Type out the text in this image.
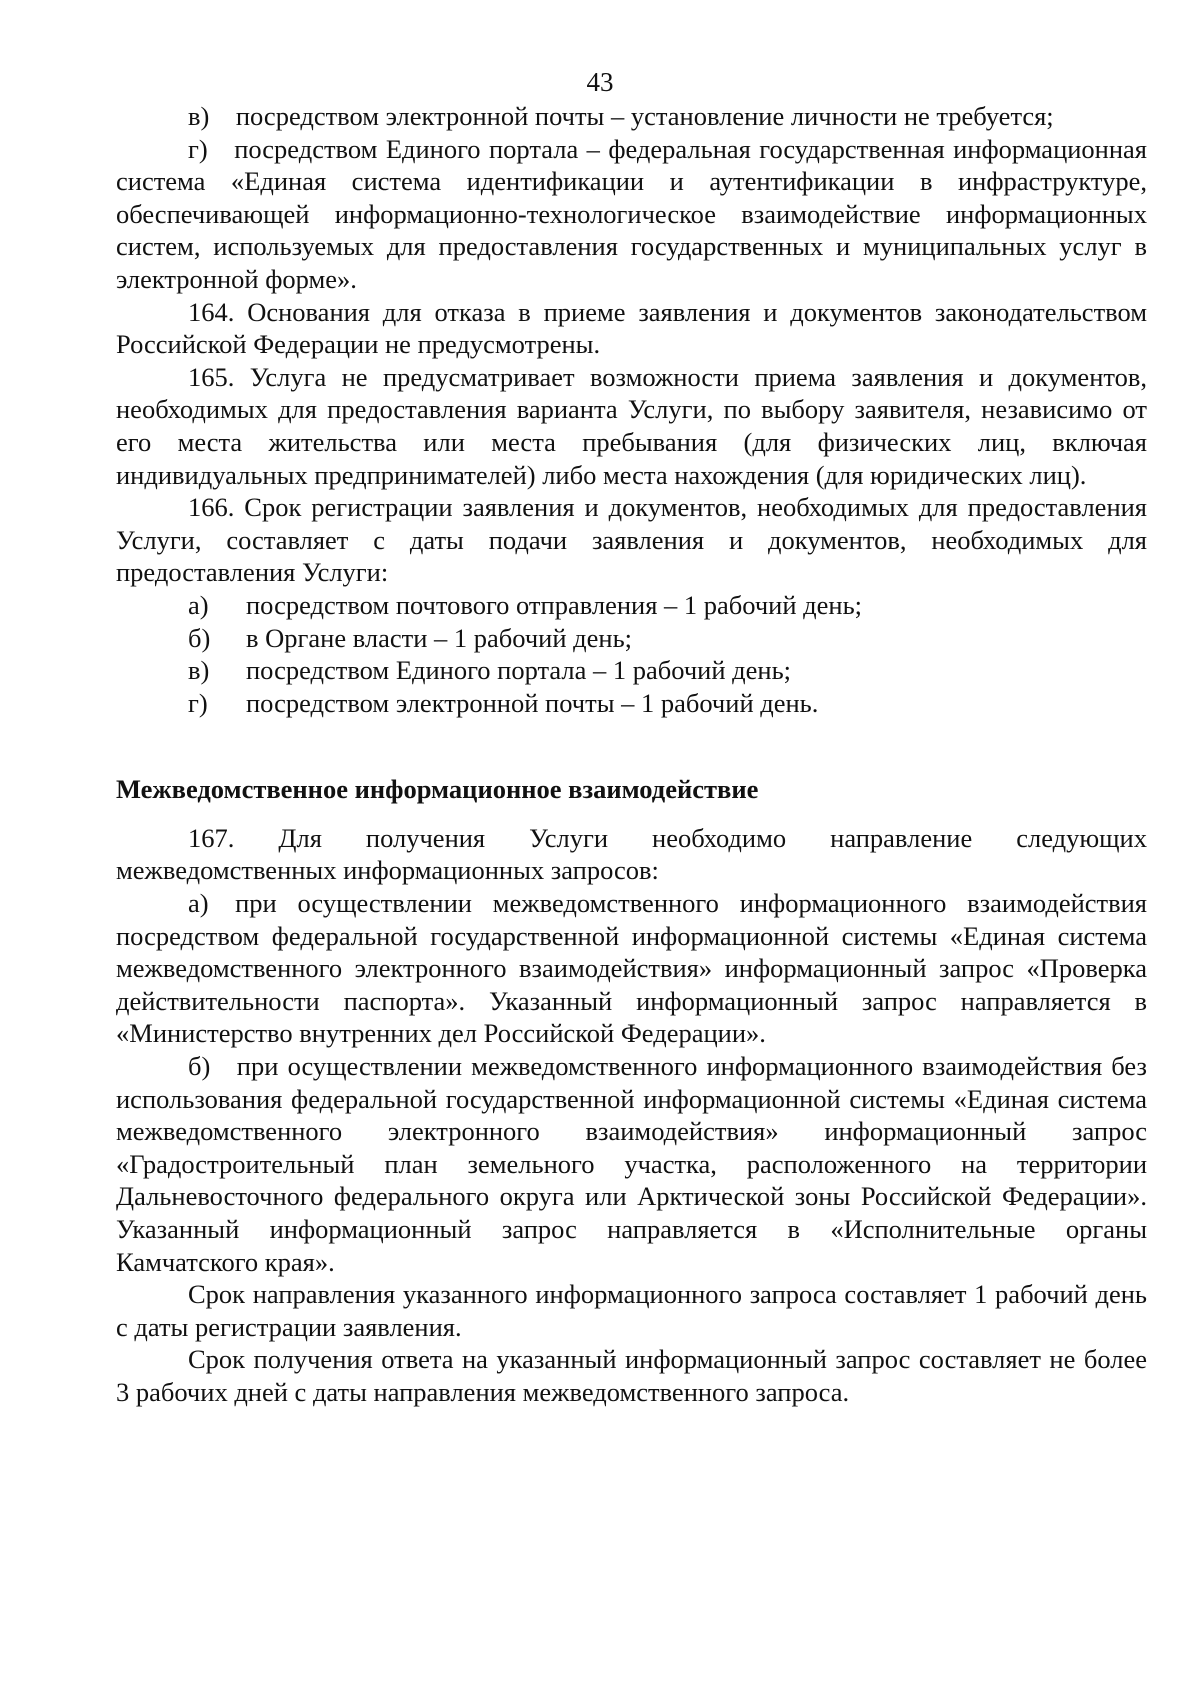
43

в) посредством электронной почты – установление личности не требуется;

г) посредством Единого портала – федеральная государственная информационная система «Единая система идентификации и аутентификации в инфраструктуре, обеспечивающей информационно-технологическое взаимодействие информационных систем, используемых для предоставления государственных и муниципальных услуг в электронной форме».

164. Основания для отказа в приеме заявления и документов законодательством Российской Федерации не предусмотрены.

165. Услуга не предусматривает возможности приема заявления и документов, необходимых для предоставления варианта Услуги, по выбору заявителя, независимо от его места жительства или места пребывания (для физических лиц, включая индивидуальных предпринимателей) либо места нахождения (для юридических лиц).

166. Срок регистрации заявления и документов, необходимых для предоставления Услуги, составляет с даты подачи заявления и документов, необходимых для предоставления Услуги:

а)	посредством почтового отправления – 1 рабочий день;
б)	в Органе власти – 1 рабочий день;
в)	посредством Единого портала – 1 рабочий день;
г)	посредством электронной почты – 1 рабочий день.

Межведомственное информационное взаимодействие

167. Для получения Услуги необходимо направление следующих межведомственных информационных запросов:

а) при осуществлении межведомственного информационного взаимодействия посредством федеральной государственной информационной системы «Единая система межведомственного электронного взаимодействия» информационный запрос «Проверка действительности паспорта». Указанный информационный запрос направляется в «Министерство внутренних дел Российской Федерации».

б) при осуществлении межведомственного информационного взаимодействия без использования федеральной государственной информационной системы «Единая система межведомственного электронного взаимодействия» информационный запрос «Градостроительный план земельного участка, расположенного на территории Дальневосточного федерального округа или Арктической зоны Российской Федерации». Указанный информационный запрос направляется в «Исполнительные органы Камчатского края».

Срок направления указанного информационного запроса составляет 1 рабочий день с даты регистрации заявления.

Срок получения ответа на указанный информационный запрос составляет не более 3 рабочих дней с даты направления межведомственного запроса.
